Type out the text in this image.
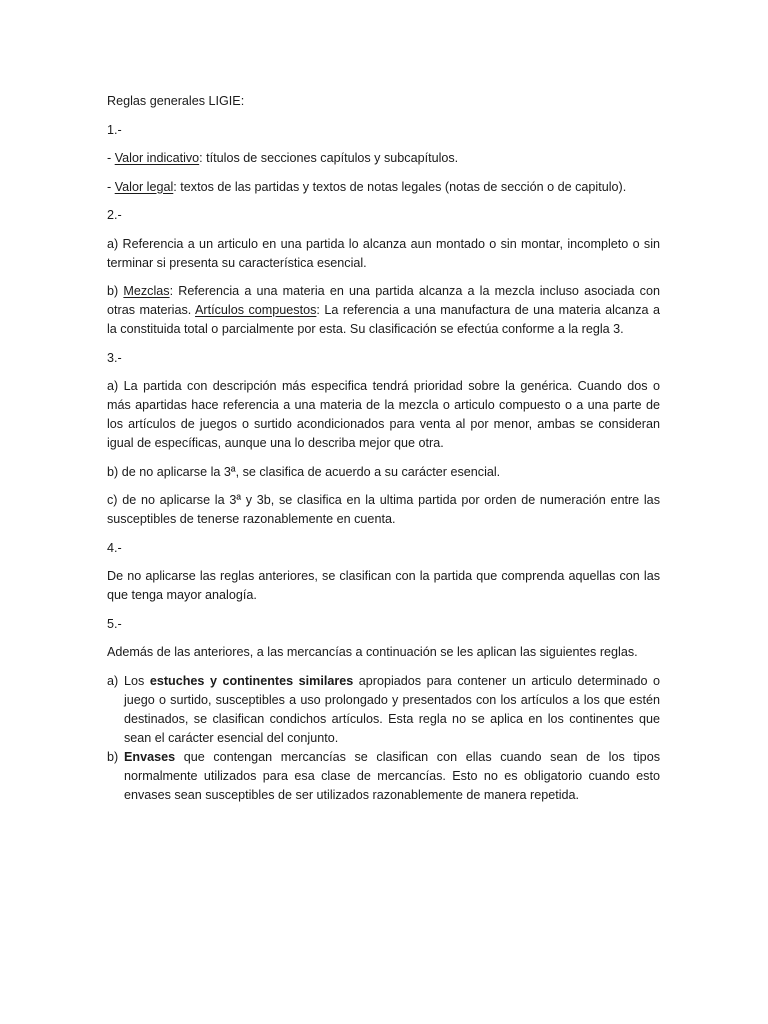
Reglas generales LIGIE:

1.-

- Valor indicativo: títulos de secciones capítulos y subcapítulos.

- Valor legal: textos de las partidas y textos de notas legales (notas de sección o de capitulo).

2.-

a) Referencia a un articulo en una partida lo alcanza aun montado o sin montar, incompleto o sin terminar si presenta su característica esencial.

b) Mezclas: Referencia a una materia en una partida alcanza a la mezcla incluso asociada con otras materias. Artículos compuestos: La referencia a una manufactura de una materia alcanza a la constituida total o parcialmente por esta. Su clasificación se efectúa conforme a la regla 3.

3.-

a) La partida con descripción más especifica tendrá prioridad sobre la genérica. Cuando dos o más apartidas hace referencia a una materia de la mezcla o articulo compuesto o a una parte de los artículos de juegos o surtido acondicionados para venta al por menor, ambas se consideran igual de específicas, aunque una lo describa mejor que otra.

b) de no aplicarse la 3ª, se clasifica de acuerdo a su carácter esencial.

c) de no aplicarse la 3ª y 3b, se clasifica en la ultima partida por orden de numeración entre las susceptibles de tenerse razonablemente en cuenta.

4.-

De no aplicarse las reglas anteriores, se clasifican con la partida que comprenda aquellas con las que tenga mayor analogía.

5.-

Además de las anteriores, a las mercancías a continuación se les aplican las siguientes reglas.

a) Los estuches y continentes similares apropiados para contener un articulo determinado o juego o surtido, susceptibles a uso prolongado y presentados con los artículos a los que estén destinados, se clasifican condichos artículos. Esta regla no se aplica en los continentes que sean el carácter esencial del conjunto.
b) Envases que contengan mercancías se clasifican con ellas cuando sean de los tipos normalmente utilizados para esa clase de mercancías. Esto no es obligatorio cuando esto envases sean susceptibles de ser utilizados razonablemente de manera repetida.
